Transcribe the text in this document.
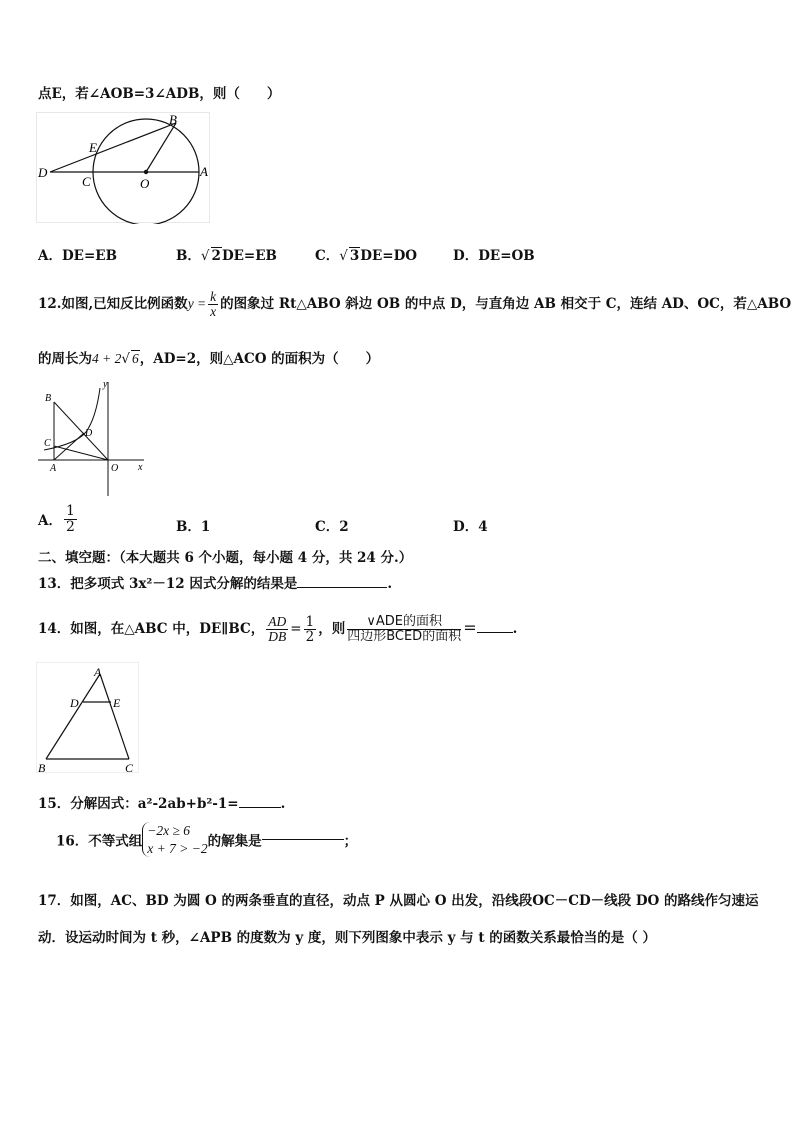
点E，若∠AOB=3∠ADB，则（　　）
B
E
D
C	O
A
A．DE=EB	B．√ 2DE=EB	C．√ 3DE=DO	D．DE=OB
12.如图,已知反比例函数$y = \frac{k}{x}$ 的图象过 Rt△ABO 斜边 OB 的中点 D，与直角边 AB 相交于 C，连结 AD、OC，若△ABO
的周长为4 + 2√ 6，AD=2，则△ACO 的面积为（　　）
y
B
D
C
A	O x
A． $\frac{1}{2}$	B．1	C．2	D．4
二、填空题：（本大题共 6 个小题，每小题 4 分，共 24 分.）
13．把多项式 3x²－12 因式分解的结果是	.
14．如图，在△ABC 中，DE∥BC， $\frac{AD}{DB} = \frac{1}{2}$ ，则 $\frac{\text{∨ADE的面积}}{\text{四边形BCED的面积}}$ =	.
A
D	E
B	C
15．分解因式：a²-2ab+b²-1=	.
16．不等式组
−2x ≥ 6
x + 7 > −2 的解集是	；
17．如图，AC、BD 为圆 O 的两条垂直的直径，动点 P 从圆心 O 出发，沿线段OC－CD－线段 DO 的路线作匀速运
动．设运动时间为 t 秒，∠APB 的度数为 y 度，则下列图象中表示 y 与 t 的函数关系最恰当的是（ ）
